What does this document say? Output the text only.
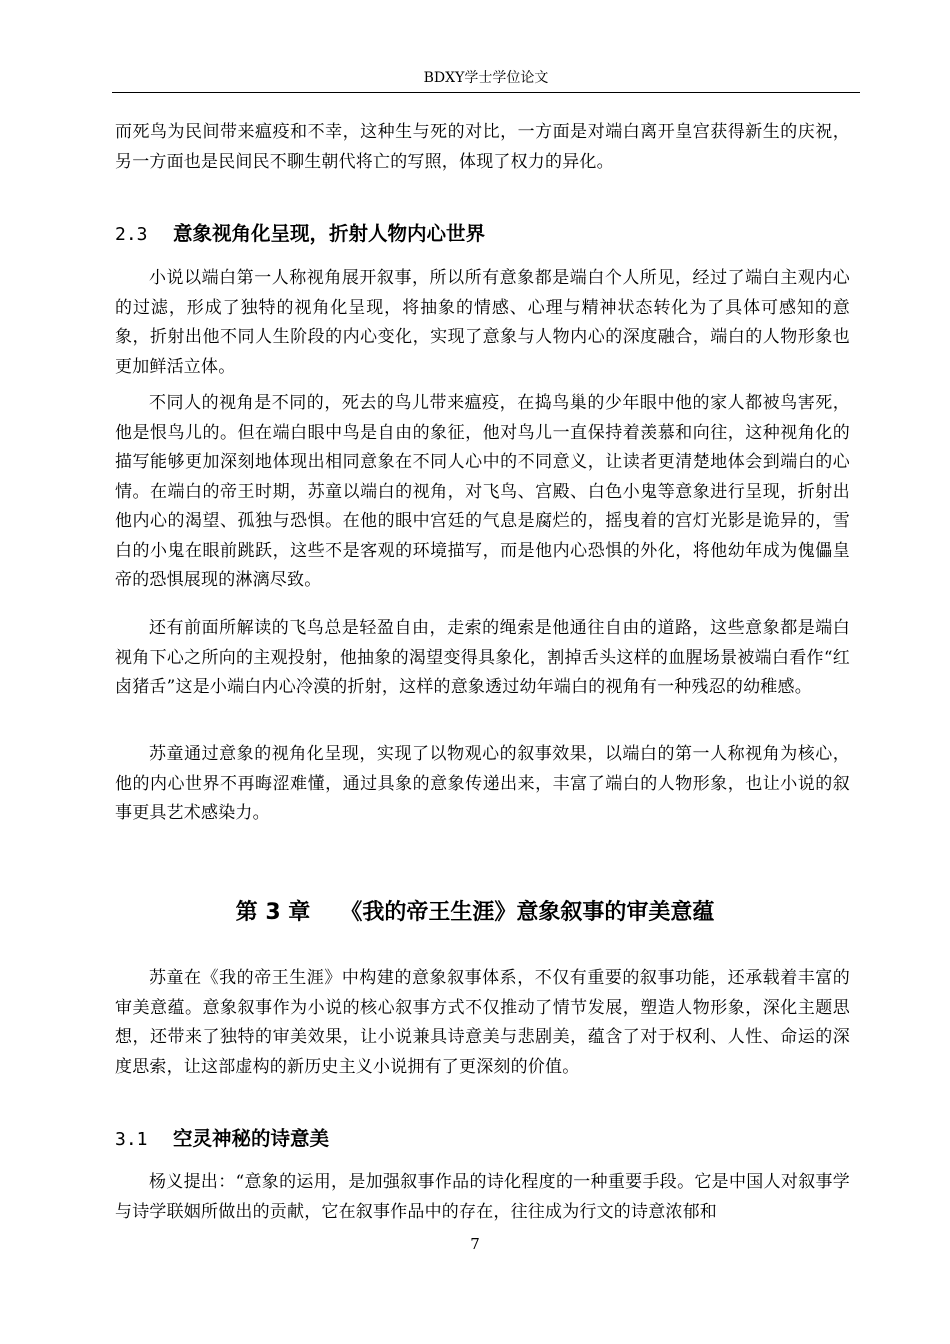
BDXY学士学位论文

而死鸟为民间带来瘟疫和不幸，这种生与死的对比，一方面是对端白离开皇宫获得新生的庆祝，另一方面也是民间民不聊生朝代将亡的写照，体现了权力的异化。

2.3 意象视角化呈现，折射人物内心世界

小说以端白第一人称视角展开叙事，所以所有意象都是端白个人所见，经过了端白主观内心的过滤，形成了独特的视角化呈现，将抽象的情感、心理与精神状态转化为了具体可感知的意象，折射出他不同人生阶段的内心变化，实现了意象与人物内心的深度融合，端白的人物形象也更加鲜活立体。

不同人的视角是不同的，死去的鸟儿带来瘟疫，在捣鸟巢的少年眼中他的家人都被鸟害死，他是恨鸟儿的。但在端白眼中鸟是自由的象征，他对鸟儿一直保持着羡慕和向往，这种视角化的描写能够更加深刻地体现出相同意象在不同人心中的不同意义，让读者更清楚地体会到端白的心情。在端白的帝王时期，苏童以端白的视角，对飞鸟、宫殿、白色小鬼等意象进行呈现，折射出他内心的渴望、孤独与恐惧。在他的眼中宫廷的气息是腐烂的，摇曳着的宫灯光影是诡异的，雪白的小鬼在眼前跳跃，这些不是客观的环境描写，而是他内心恐惧的外化，将他幼年成为傀儡皇帝的恐惧展现的淋漓尽致。

还有前面所解读的飞鸟总是轻盈自由，走索的绳索是他通往自由的道路，这些意象都是端白视角下心之所向的主观投射，他抽象的渴望变得具象化，割掉舌头这样的血腥场景被端白看作“红卤猪舌”这是小端白内心冷漠的折射，这样的意象透过幼年端白的视角有一种残忍的幼稚感。

苏童通过意象的视角化呈现，实现了以物观心的叙事效果，以端白的第一人称视角为核心，他的内心世界不再晦涩难懂，通过具象的意象传递出来，丰富了端白的人物形象，也让小说的叙事更具艺术感染力。

第 3 章 《我的帝王生涯》意象叙事的审美意蕴

苏童在《我的帝王生涯》中构建的意象叙事体系，不仅有重要的叙事功能，还承载着丰富的审美意蕴。意象叙事作为小说的核心叙事方式不仅推动了情节发展，塑造人物形象，深化主题思想，还带来了独特的审美效果，让小说兼具诗意美与悲剧美，蕴含了对于权利、人性、命运的深度思索，让这部虚构的新历史主义小说拥有了更深刻的价值。

3.1 空灵神秘的诗意美

杨义提出：“意象的运用，是加强叙事作品的诗化程度的一种重要手段。它是中国人对叙事学与诗学联姻所做出的贡献，它在叙事作品中的存在，往往成为行文的诗意浓郁和

7
